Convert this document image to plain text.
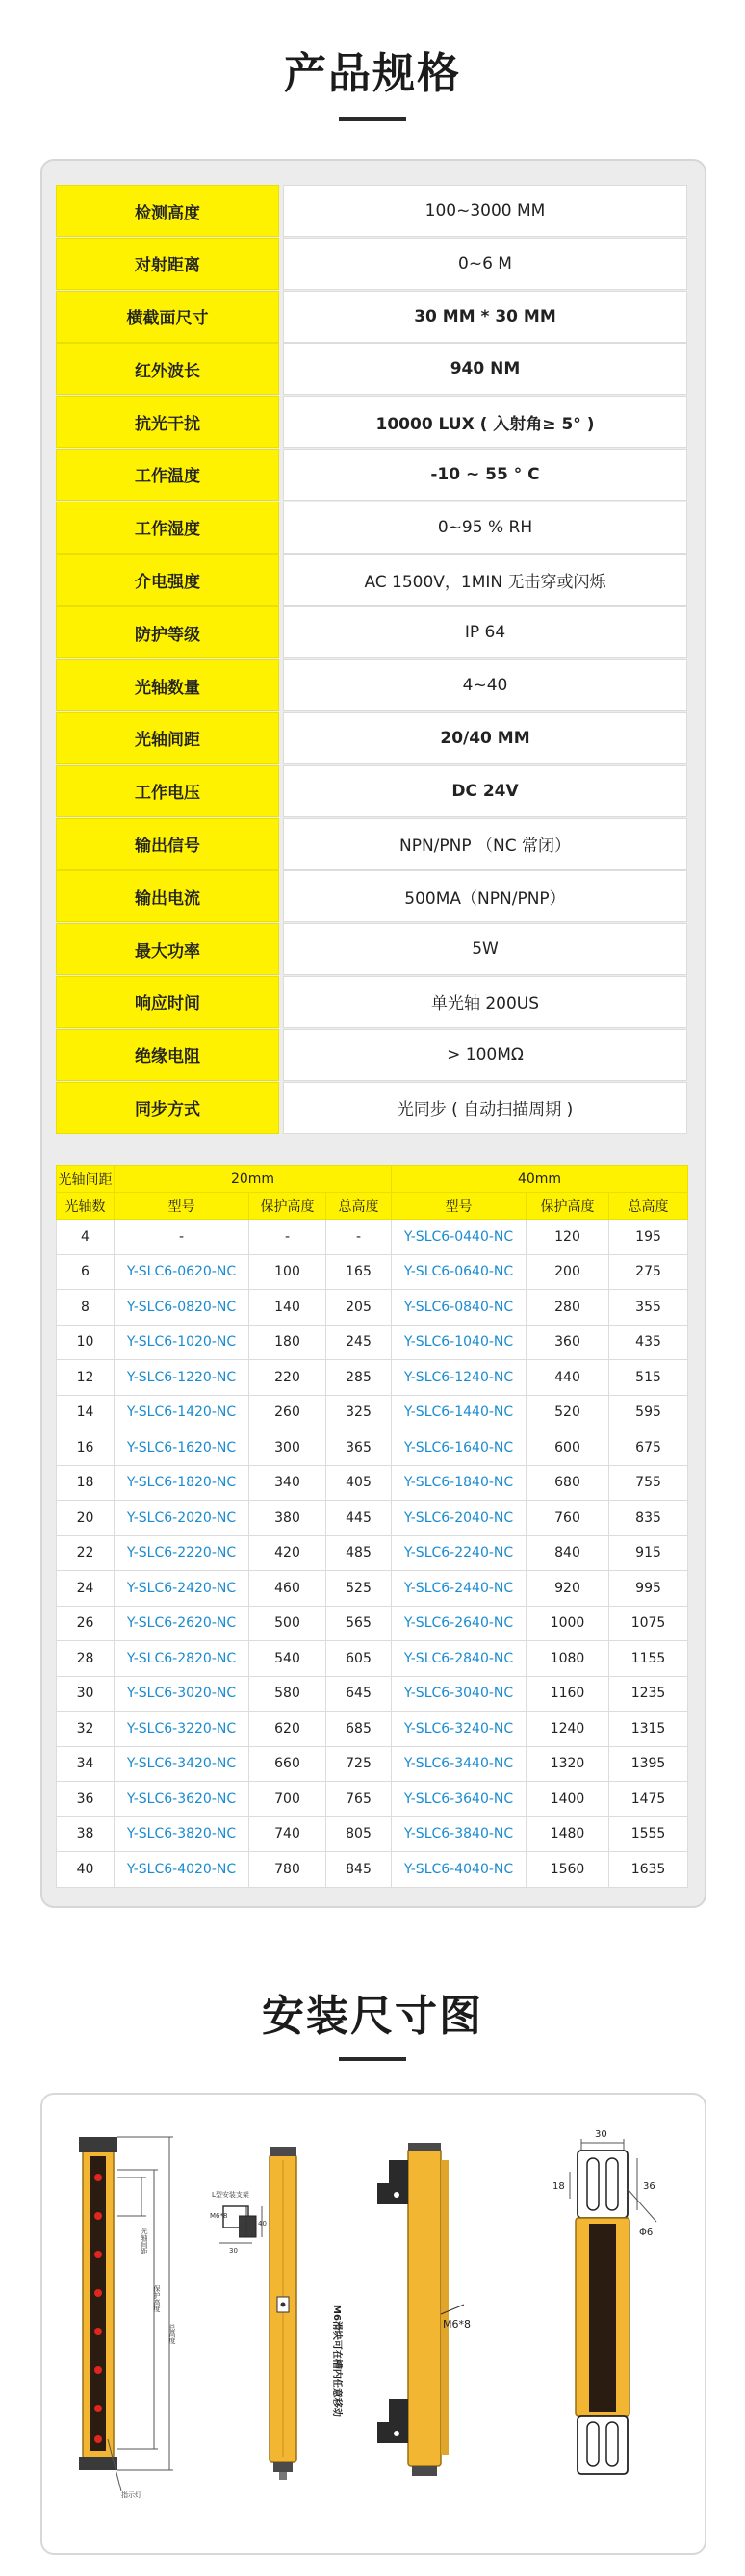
产品规格
检测高度	100~3000 MM
对射距离	0~6 M
横截面尺寸	30 MM * 30 MM
红外波长	940 NM
抗光干扰	10000 LUX ( 入射角≥ 5° )
工作温度	-10 ~ 55 ° C
工作湿度	0~95 % RH
介电强度	AC 1500V，1MIN 无击穿或闪烁
防护等级	IP 64
光轴数量	4~40
光轴间距	20/40 MM
工作电压	DC 24V
输出信号	NPN/PNP （NC 常闭）
输出电流	500MA（NPN/PNP）
最大功率	5W
响应时间	单光轴 200US
绝缘电阻	> 100MΩ
同步方式	光同步 ( 自动扫描周期 )
光轴间距	20mm			40mm		
光轴数	型号	保护高度	总高度	型号	保护高度	总高度
4	-	-	-	Y-SLC6-0440-NC	120	195
6	Y-SLC6-0620-NC	100	165	Y-SLC6-0640-NC	200	275
8	Y-SLC6-0820-NC	140	205	Y-SLC6-0840-NC	280	355
10	Y-SLC6-1020-NC	180	245	Y-SLC6-1040-NC	360	435
12	Y-SLC6-1220-NC	220	285	Y-SLC6-1240-NC	440	515
14	Y-SLC6-1420-NC	260	325	Y-SLC6-1440-NC	520	595
16	Y-SLC6-1620-NC	300	365	Y-SLC6-1640-NC	600	675
18	Y-SLC6-1820-NC	340	405	Y-SLC6-1840-NC	680	755
20	Y-SLC6-2020-NC	380	445	Y-SLC6-2040-NC	760	835
22	Y-SLC6-2220-NC	420	485	Y-SLC6-2240-NC	840	915
24	Y-SLC6-2420-NC	460	525	Y-SLC6-2440-NC	920	995
26	Y-SLC6-2620-NC	500	565	Y-SLC6-2640-NC	1000	1075
28	Y-SLC6-2820-NC	540	605	Y-SLC6-2840-NC	1080	1155
30	Y-SLC6-3020-NC	580	645	Y-SLC6-3040-NC	1160	1235
32	Y-SLC6-3220-NC	620	685	Y-SLC6-3240-NC	1240	1315
34	Y-SLC6-3420-NC	660	725	Y-SLC6-3440-NC	1320	1395
36	Y-SLC6-3620-NC	700	765	Y-SLC6-3640-NC	1400	1475
38	Y-SLC6-3820-NC	740	805	Y-SLC6-3840-NC	1480	1555
40	Y-SLC6-4020-NC	780	845	Y-SLC6-4040-NC	1560	1635
安装尺寸图
光轴间距
保护高度
总高度
指示灯
L型安装支架
M6*8
40
30
M6滑块可在槽内任意移动	M6*8
30
18	36
Φ6
